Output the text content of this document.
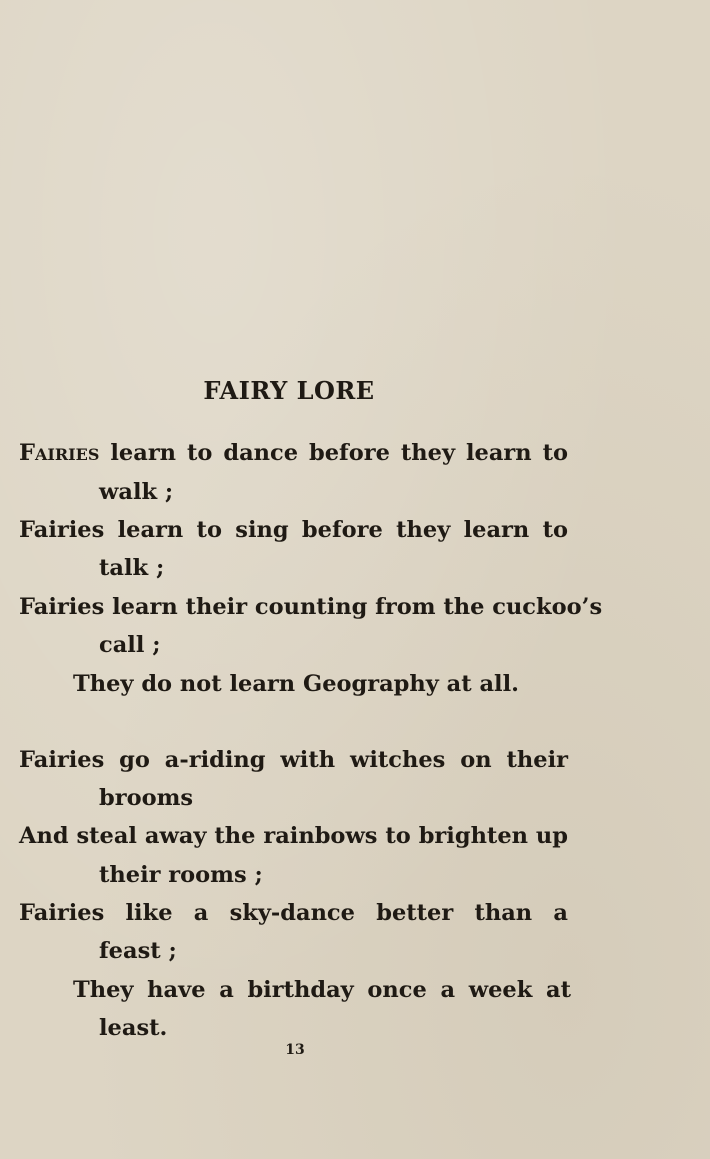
FAIRY LORE

Fairies learn to dance before they learn to

walk ;

Fairies learn to sing before they learn to

talk ;

Fairies learn their counting from the cuckoo’s

call ;

They do not learn Geography at all.

Fairies go a-riding with witches on their

brooms

And steal away the rainbows to brighten up

their rooms ;

Fairies like a sky-dance better than a

feast ;

They have a birthday once a week at

least.

13
